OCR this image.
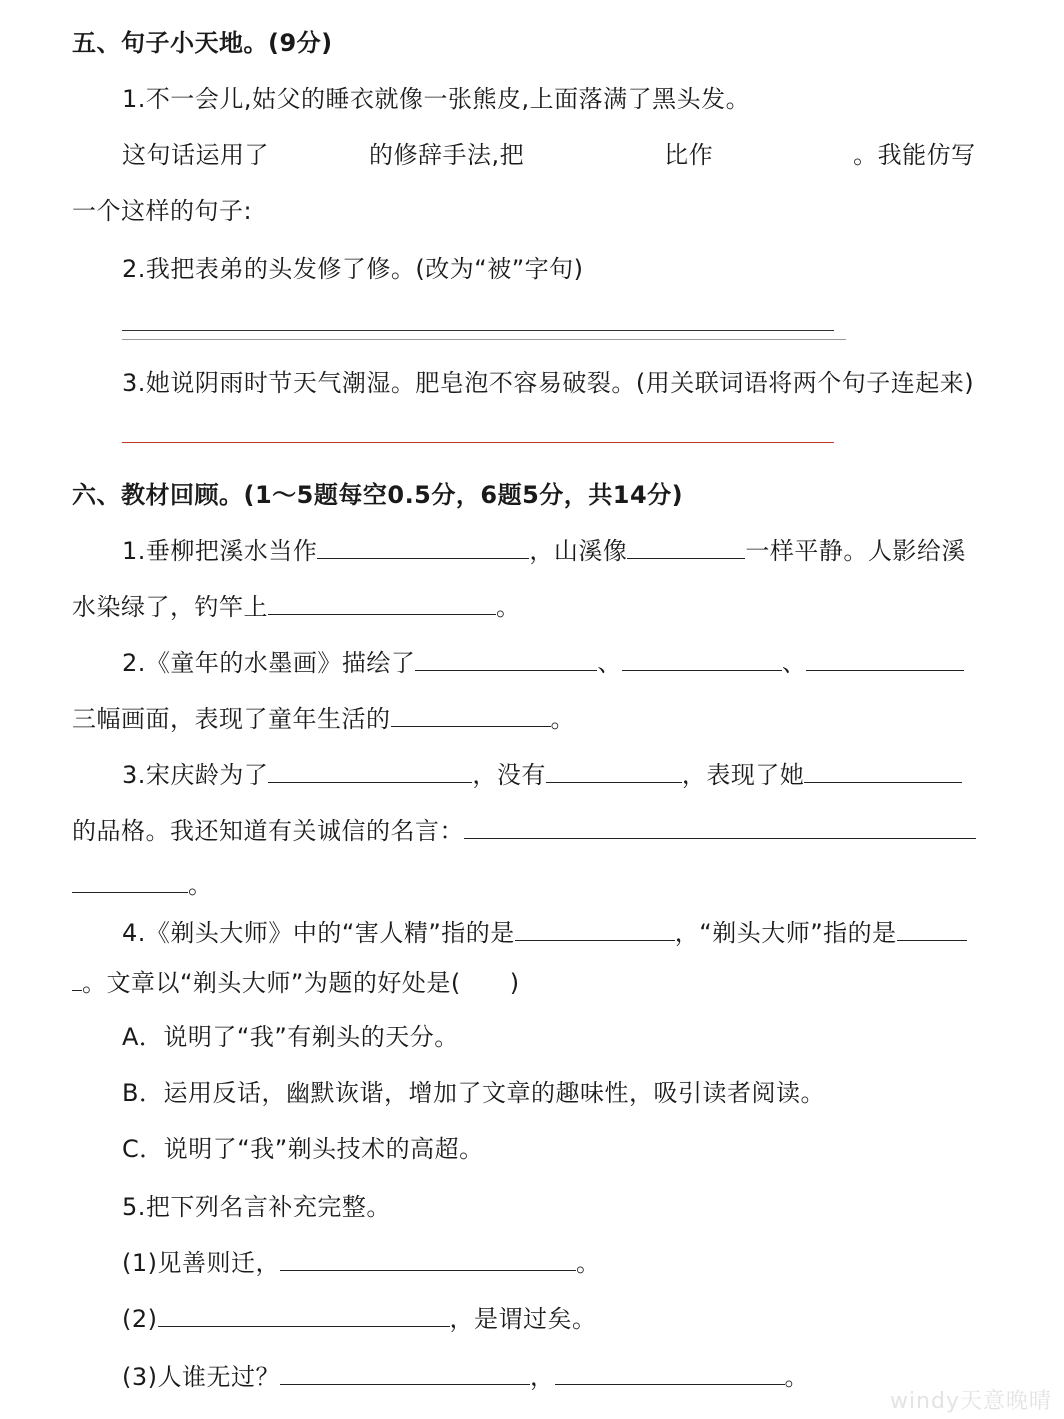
五、句子小天地。(9分)
1.不一会儿,姑父的睡衣就像一张熊皮,上面落满了黑头发。
这句话运用了	的修辞手法,把	比作	。我能仿写
一个这样的句子:
2.我把表弟的头发修了修。(改为“被”字句)
3.她说阴雨时节天气潮湿。肥皂泡不容易破裂。(用关联词语将两个句子连起来)
六、教材回顾。(1～5题每空0.5分，6题5分，共14分)
1.垂柳把溪水当作	，山溪像	一样平静。人影给溪
水染绿了，钓竿上	。
2.《童年的水墨画》描绘了	、	、
三幅画面，表现了童年生活的	。
3.宋庆龄为了	，没有	，表现了她
的品格。我还知道有关诚信的名言：
。
4.《剃头大师》中的“害人精”指的是	，“剃头大师”指的是
。文章以“剃头大师”为题的好处是(　　)
A．说明了“我”有剃头的天分。
B．运用反话，幽默诙谐，增加了文章的趣味性，吸引读者阅读。
C．说明了“我”剃头技术的高超。
5.把下列名言补充完整。
(1)见善则迁，	。
(2)	，是谓过矣。
(3)人谁无过？	，	。
windy天意晚晴
